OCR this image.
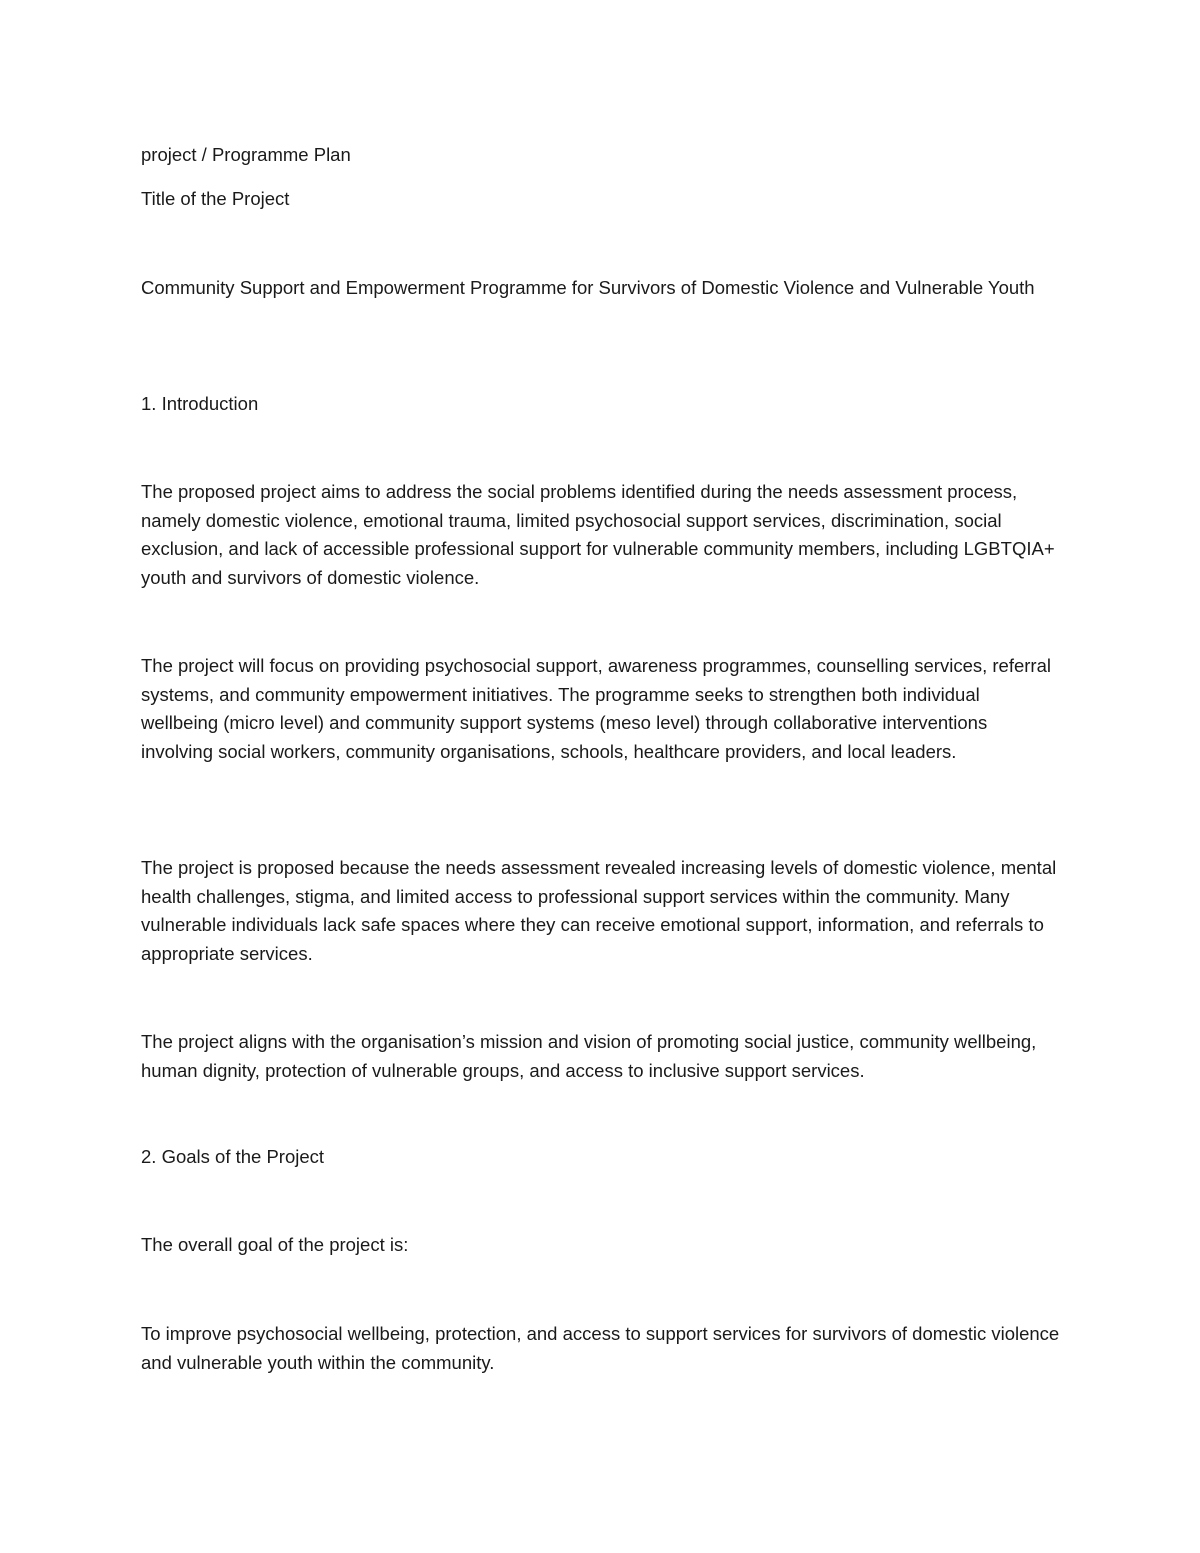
project / Programme Plan

Title of the Project

Community Support and Empowerment Programme for Survivors of Domestic Violence and Vulnerable Youth

1. Introduction

The proposed project aims to address the social problems identified during the needs assessment process, namely domestic violence, emotional trauma, limited psychosocial support services, discrimination, social exclusion, and lack of accessible professional support for vulnerable community members, including LGBTQIA+ youth and survivors of domestic violence.

The project will focus on providing psychosocial support, awareness programmes, counselling services, referral systems, and community empowerment initiatives. The programme seeks to strengthen both individual wellbeing (micro level) and community support systems (meso level) through collaborative interventions involving social workers, community organisations, schools, healthcare providers, and local leaders.

The project is proposed because the needs assessment revealed increasing levels of domestic violence, mental health challenges, stigma, and limited access to professional support services within the community. Many vulnerable individuals lack safe spaces where they can receive emotional support, information, and referrals to appropriate services.

The project aligns with the organisation’s mission and vision of promoting social justice, community wellbeing, human dignity, protection of vulnerable groups, and access to inclusive support services.

2. Goals of the Project

The overall goal of the project is:

To improve psychosocial wellbeing, protection, and access to support services for survivors of domestic violence and vulnerable youth within the community.
